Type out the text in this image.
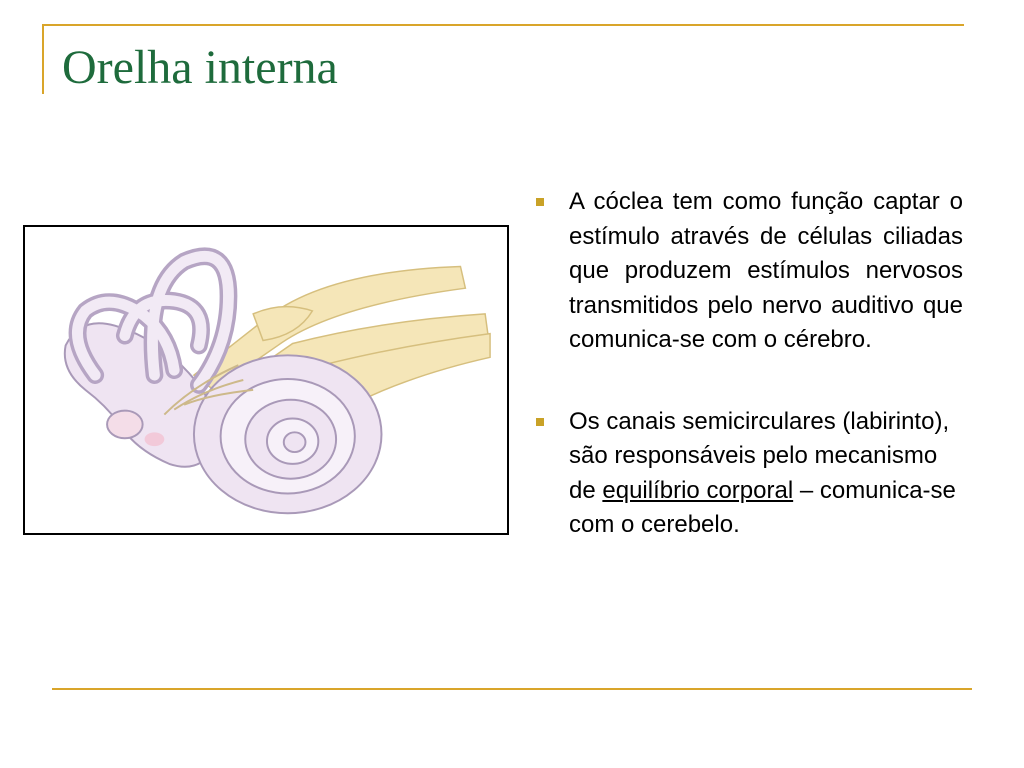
Orelha interna
A cóclea tem como função captar o estímulo através de células ciliadas que produzem estímulos nervosos transmitidos pelo nervo auditivo que comunica-se com o cérebro.
Os canais semicirculares (labirinto), são responsáveis pelo mecanismo de equilíbrio corporal – comunica-se com o cerebelo.
